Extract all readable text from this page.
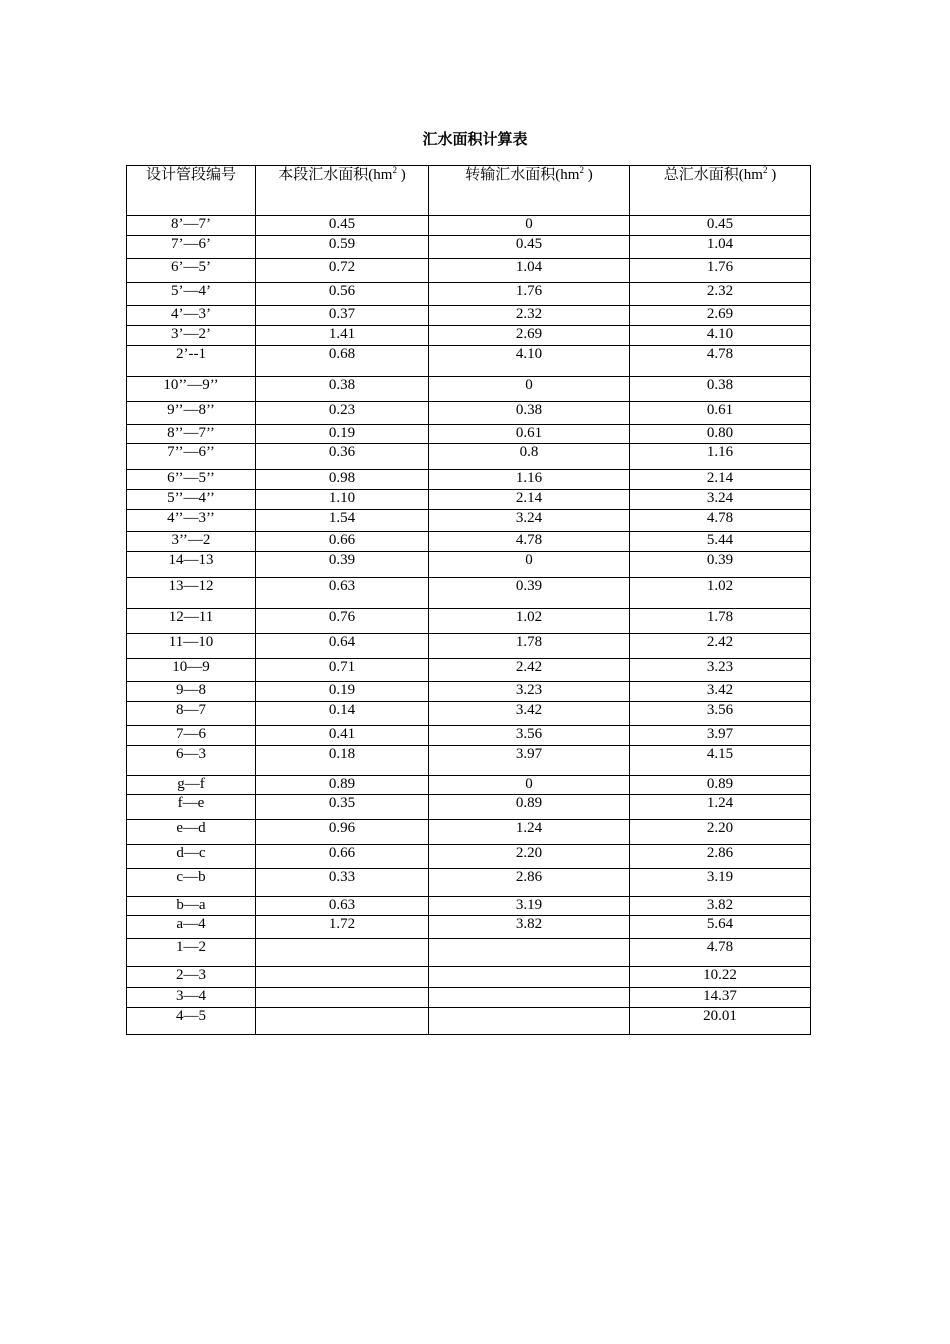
汇水面积计算表
设计管段编号	本段汇水面积($hm^2$ )	转输汇水面积($hm^2$ )	总汇水面积($hm^2$ )
8’—7’	0.45	0	0.45
7’—6’	0.59	0.45	1.04
6’—5’	0.72	1.04	1.76
5’—4’	0.56	1.76	2.32
4’—3’	0.37	2.32	2.69
3’—2’	1.41	2.69	4.10
2’--1	0.68	4.10	4.78
10’’—9’’	0.38	0	0.38
9’’—8’’	0.23	0.38	0.61
8’’—7’’	0.19	0.61	0.80
7’’—6’’	0.36	0.8	1.16
6’’—5’’	0.98	1.16	2.14
5’’—4’’	1.10	2.14	3.24
4’’—3’’	1.54	3.24	4.78
3’’—2	0.66	4.78	5.44
14—13	0.39	0	0.39
13—12	0.63	0.39	1.02
12—11	0.76	1.02	1.78
11—10	0.64	1.78	2.42
10—9	0.71	2.42	3.23
9—8	0.19	3.23	3.42
8—7	0.14	3.42	3.56
7—6	0.41	3.56	3.97
6—3	0.18	3.97	4.15
g—f	0.89	0	0.89
f—e	0.35	0.89	1.24
e—d	0.96	1.24	2.20
d—c	0.66	2.20	2.86
c—b	0.33	2.86	3.19
b—a	0.63	3.19	3.82
a—4	1.72	3.82	5.64
1—2			4.78
2—3			10.22
3—4			14.37
4—5			20.01
